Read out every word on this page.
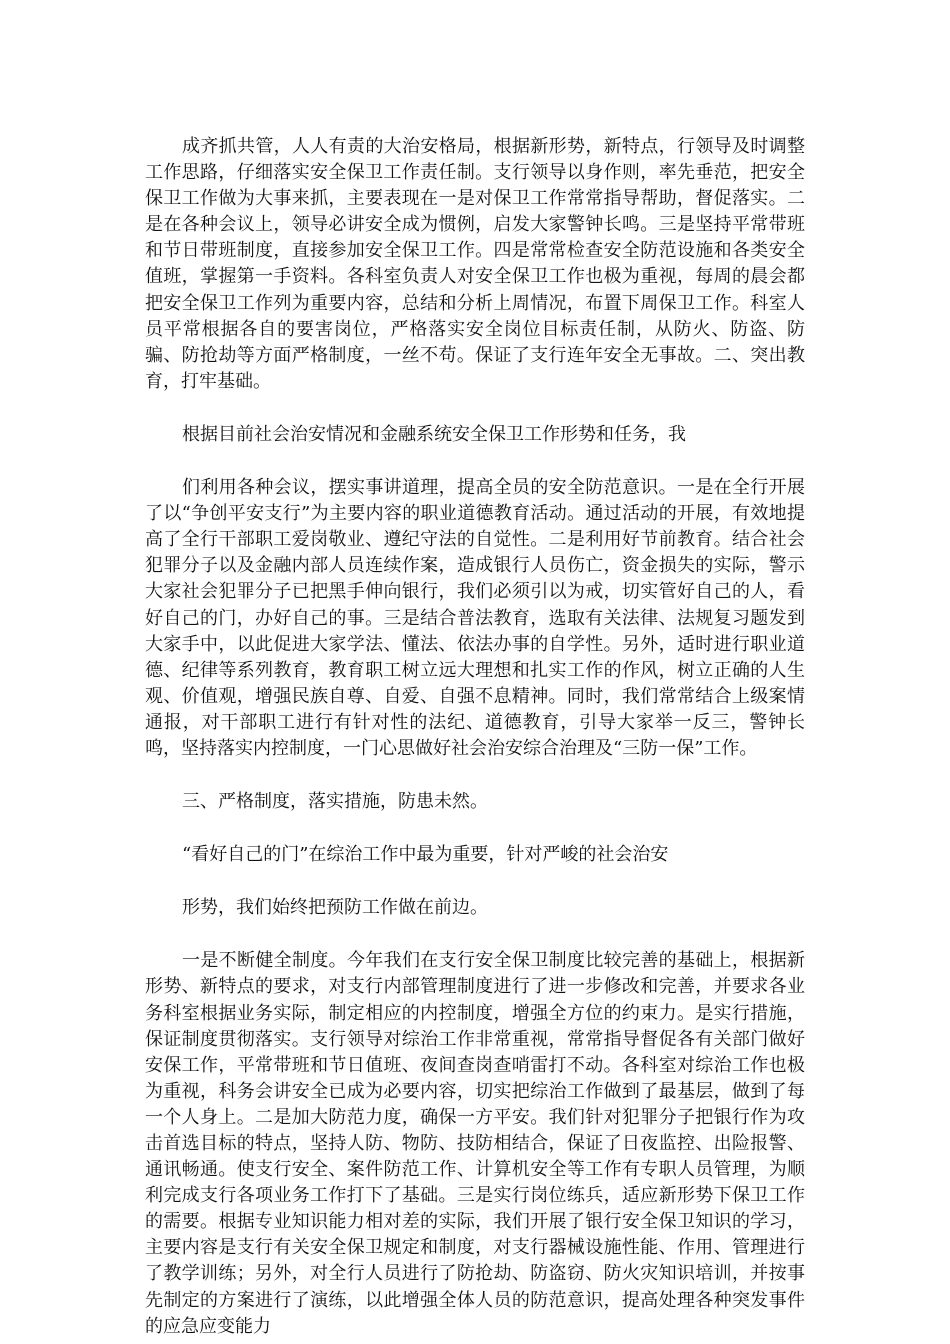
成齐抓共管，人人有责的大治安格局，根据新形势，新特点，行领导及时调整工作思路，仔细落实安全保卫工作责任制。支行领导以身作则，率先垂范，把安全保卫工作做为大事来抓，主要表现在一是对保卫工作常常指导帮助，督促落实。二是在各种会议上，领导必讲安全成为惯例，启发大家警钟长鸣。三是坚持平常带班和节日带班制度，直接参加安全保卫工作。四是常常检查安全防范设施和各类安全值班，掌握第一手资料。各科室负责人对安全保卫工作也极为重视，每周的晨会都把安全保卫工作列为重要内容，总结和分析上周情况，布置下周保卫工作。科室人员平常根据各自的要害岗位，严格落实安全岗位目标责任制，从防火、防盗、防骗、防抢劫等方面严格制度，一丝不苟。保证了支行连年安全无事故。二、突出教育，打牢基础。

根据目前社会治安情况和金融系统安全保卫工作形势和任务，我

们利用各种会议，摆实事讲道理，提高全员的安全防范意识。一是在全行开展了以“争创平安支行”为主要内容的职业道德教育活动。通过活动的开展，有效地提高了全行干部职工爱岗敬业、遵纪守法的自觉性。二是利用好节前教育。结合社会犯罪分子以及金融内部人员连续作案，造成银行人员伤亡，资金损失的实际，警示大家社会犯罪分子已把黑手伸向银行，我们必须引以为戒，切实管好自己的人，看好自己的门，办好自己的事。三是结合普法教育，选取有关法律、法规复习题发到大家手中，以此促进大家学法、懂法、依法办事的自学性。另外，适时进行职业道德、纪律等系列教育，教育职工树立远大理想和扎实工作的作风，树立正确的人生观、价值观，增强民族自尊、自爱、自强不息精神。同时，我们常常结合上级案情通报，对干部职工进行有针对性的法纪、道德教育，引导大家举一反三，警钟长鸣，坚持落实内控制度，一门心思做好社会治安综合治理及“三防一保”工作。

三、严格制度，落实措施，防患未然。

“看好自己的门”在综治工作中最为重要，针对严峻的社会治安

形势，我们始终把预防工作做在前边。

一是不断健全制度。今年我们在支行安全保卫制度比较完善的基础上，根据新形势、新特点的要求，对支行内部管理制度进行了进一步修改和完善，并要求各业务科室根据业务实际，制定相应的内控制度，增强全方位的约束力。是实行措施，保证制度贯彻落实。支行领导对综治工作非常重视，常常指导督促各有关部门做好安保工作，平常带班和节日值班、夜间查岗查哨雷打不动。各科室对综治工作也极为重视，科务会讲安全已成为必要内容，切实把综治工作做到了最基层，做到了每一个人身上。二是加大防范力度，确保一方平安。我们针对犯罪分子把银行作为攻击首选目标的特点，坚持人防、物防、技防相结合，保证了日夜监控、出险报警、通讯畅通。使支行安全、案件防范工作、计算机安全等工作有专职人员管理，为顺利完成支行各项业务工作打下了基础。三是实行岗位练兵，适应新形势下保卫工作的需要。根据专业知识能力相对差的实际，我们开展了银行安全保卫知识的学习，主要内容是支行有关安全保卫规定和制度，对支行器械设施性能、作用、管理进行了教学训练；另外，对全行人员进行了防抢劫、防盗窃、防火灾知识培训，并按事先制定的方案进行了演练，以此增强全体人员的防范意识，提高处理各种突发事件的应急应变能力
